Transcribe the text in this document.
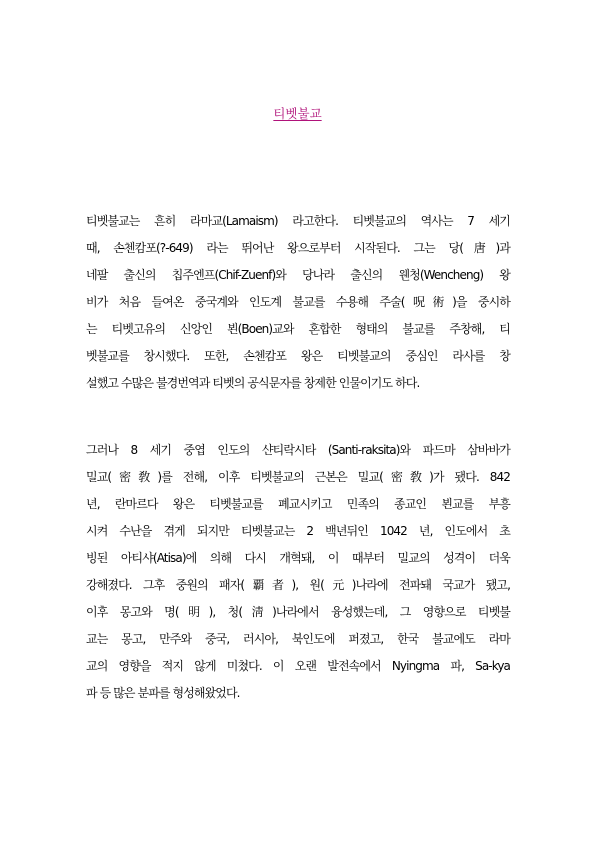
티벳불교
티벳불교는 흔히 라마교(Lamaism) 라고한다. 티벳불교의 역사는 7 세기
때, 손첸캄포(?-649) 라는 뛰어난 왕으로부터 시작된다. 그는 당(唐)과
네팔 출신의 칩주엔프(Chif-Zuenf)와 당나라 출신의 웬청(Wencheng) 왕
비가 처음 들여온 중국계와 인도계 불교를 수용해 주술(呪術)을 중시하
는 티벳고유의 신앙인 뵌(Boen)교와 혼합한 형태의 불교를 주창해, 티
벳불교를 창시했다. 또한, 손첸캄포 왕은 티벳불교의 중심인 라사를 창
설했고 수많은 불경번역과 티벳의 공식문자를 창제한 인물이기도 하다.
그러나 8 세기 중엽 인도의 샨티락시타 (Santi-raksita)와 파드마 삼바바가
밀교(密敎)를 전해, 이후 티벳불교의 근본은 밀교(密敎)가 됐다. 842
년, 란마르다 왕은 티벳불교를 폐교시키고 민족의 종교인 뵌교를 부흥
시켜 수난을 겪게 되지만 티벳불교는 2 백년뒤인 1042 년, 인도에서 초
빙된 아티샤(Atisa)에 의해 다시 개혁돼, 이 때부터 밀교의 성격이 더욱
강해졌다. 그후 중원의 패자(覇者), 원(元)나라에 전파돼 국교가 됐고,
이후 몽고와 명(明), 청(淸)나라에서 융성했는데, 그 영향으로 티벳불
교는 몽고, 만주와 중국, 러시아, 북인도에 퍼졌고, 한국 불교에도 라마
교의 영향을 적지 않게 미쳤다. 이 오랜 발전속에서 Nyingma 파, Sa-kya
파 등 많은 분파를 형성해왔었다.
